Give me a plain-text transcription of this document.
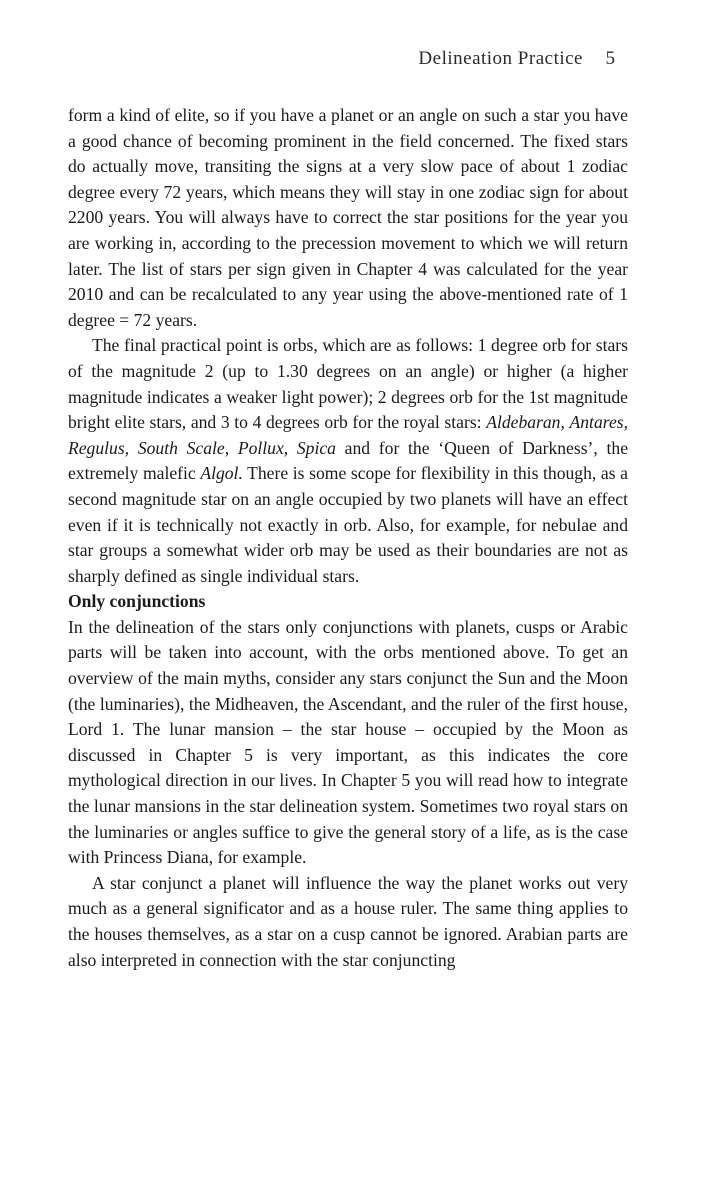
Delineation Practice 5

form a kind of elite, so if you have a planet or an angle on such a star you have a good chance of becoming prominent in the field concerned. The fixed stars do actually move, transiting the signs at a very slow pace of about 1 zodiac degree every 72 years, which means they will stay in one zodiac sign for about 2200 years. You will always have to correct the star positions for the year you are working in, according to the precession movement to which we will return later. The list of stars per sign given in Chapter 4 was calculated for the year 2010 and can be recalculated to any year using the above-mentioned rate of 1 degree = 72 years.

The final practical point is orbs, which are as follows: 1 degree orb for stars of the magnitude 2 (up to 1.30 degrees on an angle) or higher (a higher magnitude indicates a weaker light power); 2 degrees orb for the 1st magnitude bright elite stars, and 3 to 4 degrees orb for the royal stars: Aldebaran, Antares, Regulus, South Scale, Pollux, Spica and for the ‘Queen of Darkness’, the extremely malefic Algol. There is some scope for flexibility in this though, as a second magnitude star on an angle occupied by two planets will have an effect even if it is technically not exactly in orb. Also, for example, for nebulae and star groups a somewhat wider orb may be used as their boundaries are not as sharply defined as single individual stars.

Only conjunctions

In the delineation of the stars only conjunctions with planets, cusps or Arabic parts will be taken into account, with the orbs mentioned above. To get an overview of the main myths, consider any stars conjunct the Sun and the Moon (the luminaries), the Midheaven, the Ascendant, and the ruler of the first house, Lord 1. The lunar mansion – the star house – occupied by the Moon as discussed in Chapter 5 is very important, as this indicates the core mythological direction in our lives. In Chapter 5 you will read how to integrate the lunar mansions in the star delineation system. Sometimes two royal stars on the luminaries or angles suffice to give the general story of a life, as is the case with Princess Diana, for example.

A star conjunct a planet will influence the way the planet works out very much as a general significator and as a house ruler. The same thing applies to the houses themselves, as a star on a cusp cannot be ignored. Arabian parts are also interpreted in connection with the star conjuncting
